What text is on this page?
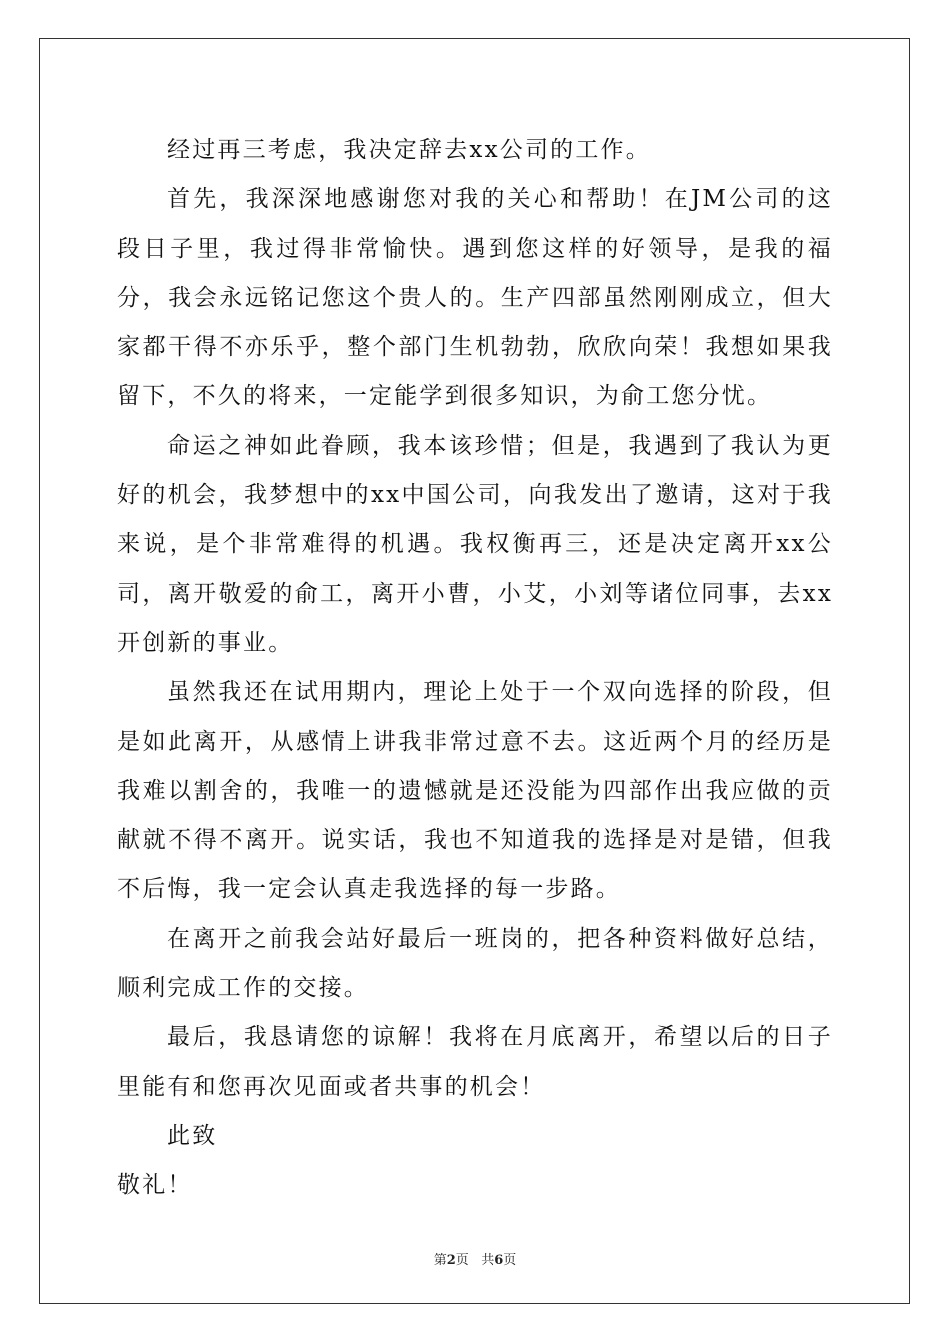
经过再三考虑，我决定辞去xx公司的工作。

首先，我深深地感谢您对我的关心和帮助！在JM公司的这段日子里，我过得非常愉快。遇到您这样的好领导，是我的福分，我会永远铭记您这个贵人的。生产四部虽然刚刚成立，但大家都干得不亦乐乎，整个部门生机勃勃，欣欣向荣！我想如果我留下，不久的将来，一定能学到很多知识，为俞工您分忧。

命运之神如此眷顾，我本该珍惜；但是，我遇到了我认为更好的机会，我梦想中的xx中国公司，向我发出了邀请，这对于我来说，是个非常难得的机遇。我权衡再三，还是决定离开xx公司，离开敬爱的俞工，离开小曹，小艾，小刘等诸位同事，去xx开创新的事业。

虽然我还在试用期内，理论上处于一个双向选择的阶段，但是如此离开，从感情上讲我非常过意不去。这近两个月的经历是我难以割舍的，我唯一的遗憾就是还没能为四部作出我应做的贡献就不得不离开。说实话，我也不知道我的选择是对是错，但我不后悔，我一定会认真走我选择的每一步路。

在离开之前我会站好最后一班岗的，把各种资料做好总结，顺利完成工作的交接。

最后，我恳请您的谅解！我将在月底离开，希望以后的日子里能有和您再次见面或者共事的机会！

此致

敬礼！

第2页 共6页
